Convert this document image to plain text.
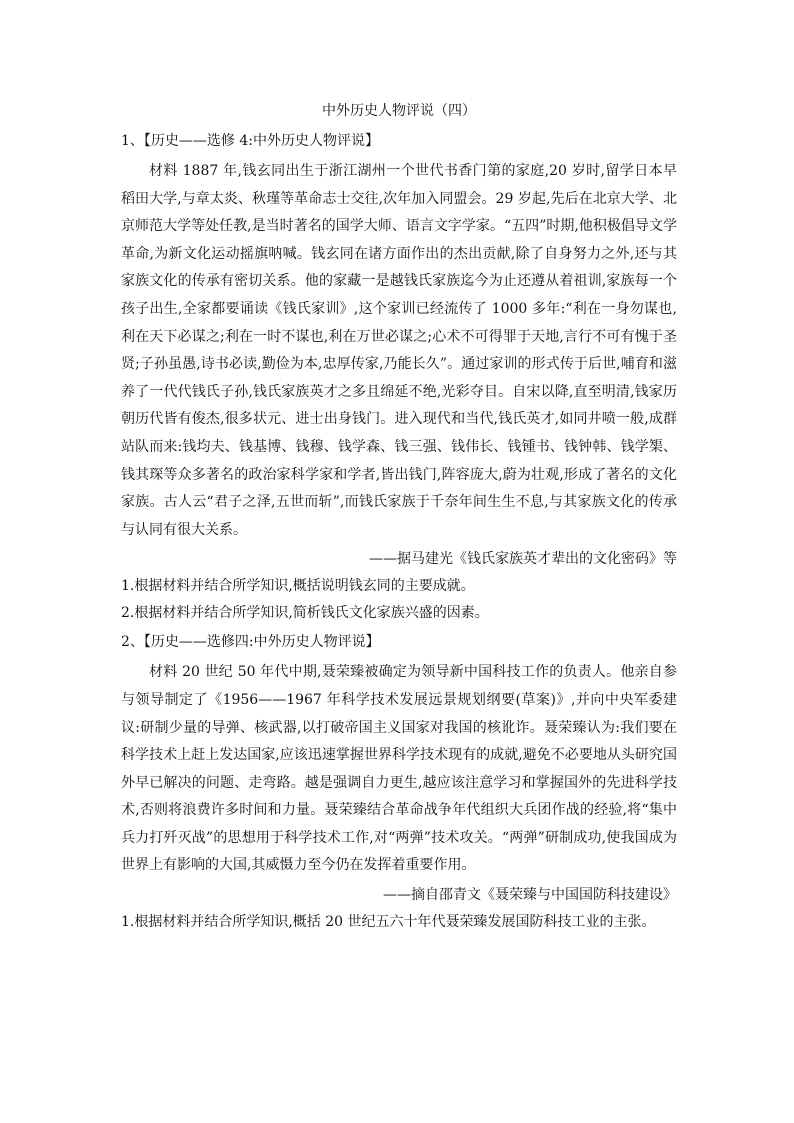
中外历史人物评说（四）
1、【历史——选修 4:中外历史人物评说】

材料 1887 年,钱玄同出生于浙江湖州一个世代书香门第的家庭,20 岁时,留学日本早稻田大学,与章太炎、秋瑾等革命志士交往,次年加入同盟会。29 岁起,先后在北京大学、北京师范大学等处任教,是当时著名的国学大师、语言文字学家。“五四”时期,他积极倡导文学革命,为新文化运动摇旗呐喊。钱玄同在诸方面作出的杰出贡献,除了自身努力之外,还与其家族文化的传承有密切关系。他的家藏一是越钱氏家族迄今为止还遵从着祖训,家族每一个孩子出生,全家都要诵读《钱氏家训》,这个家训已经流传了 1000 多年:“利在一身勿谋也,利在天下必谋之;利在一时不谋也,利在万世必谋之;心术不可得罪于天地,言行不可有愧于圣贤;子孙虽愚,诗书必读,勤俭为本,忠厚传家,乃能长久”。通过家训的形式传于后世,哺育和滋养了一代代钱氏子孙,钱氏家族英才之多且绵延不绝,光彩夺目。自宋以降,直至明清,钱家历朝历代皆有俊杰,很多状元、进士出身钱门。进入现代和当代,钱氏英才,如同井喷一般,成群站队而来:钱均夫、钱基博、钱穆、钱学森、钱三强、钱伟长、钱锺书、钱钟韩、钱学榘、钱其琛等众多著名的政治家科学家和学者,皆出钱门,阵容庞大,蔚为壮观,形成了著名的文化家族。古人云“君子之泽,五世而斩”,而钱氏家族于千奈年间生生不息,与其家族文化的传承与认同有很大关系。

——据马建光《钱氏家族英才辈出的文化密码》等
1.根据材料并结合所学知识,概括说明钱玄同的主要成就。
2.根据材料并结合所学知识,简析钱氏文化家族兴盛的因素。
2、【历史——选修四:中外历史人物评说】

材料 20 世纪 50 年代中期,聂荣臻被确定为领导新中国科技工作的负责人。他亲自参与领导制定了《1956——1967 年科学技术发展远景规划纲要(草案)》,并向中央军委建议:研制少量的导弹、核武器,以打破帝国主义国家对我国的核讹诈。聂荣臻认为:我们要在科学技术上赶上发达国家,应该迅速掌握世界科学技术现有的成就,避免不必要地从头研究国外早已解决的问题、走弯路。越是强调自力更生,越应该注意学习和掌握国外的先进科学技术,否则将浪费许多时间和力量。聂荣臻结合革命战争年代组织大兵团作战的经验,将“集中兵力打歼灭战”的思想用于科学技术工作,对“两弹”技术攻关。“两弹”研制成功,使我国成为世界上有影响的大国,其威慑力至今仍在发挥着重要作用。

——摘自邵青文《聂荣臻与中国国防科技建设》
1.根据材料并结合所学知识,概括 20 世纪五六十年代聂荣臻发展国防科技工业的主张。
